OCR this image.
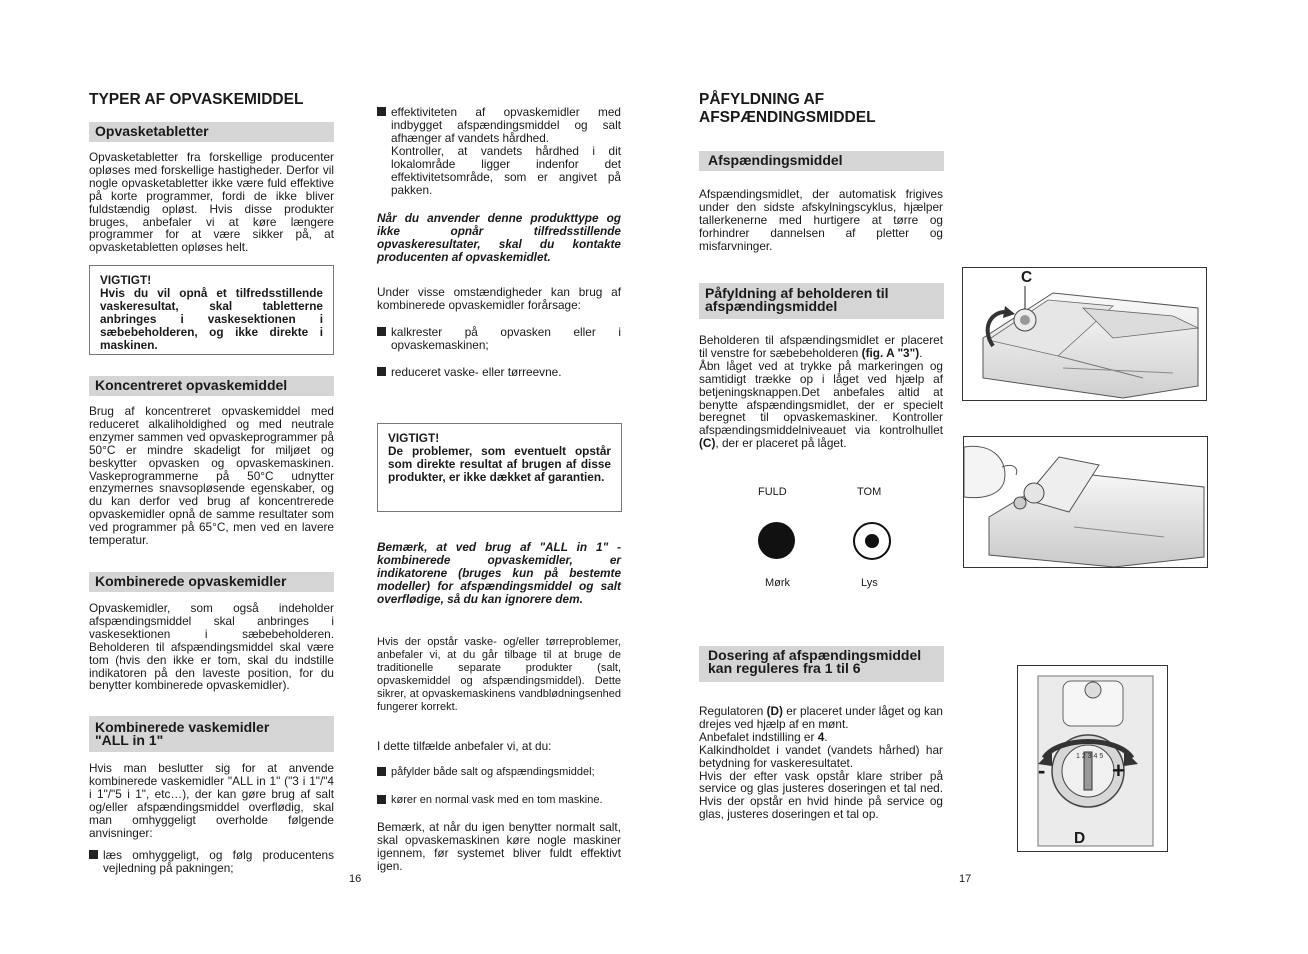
TYPER AF OPVASKEMIDDEL
Opvasketabletter
Opvasketabletter fra forskellige producenter opløses med forskellige hastigheder. Derfor vil nogle opvasketabletter ikke være fuld effektive på korte programmer, fordi de ikke bliver fuldstændig opløst. Hvis disse produkter bruges, anbefaler vi at køre længere programmer for at være sikker på, at opvasketabletten opløses helt.
VIGTIGT!
Hvis du vil opnå et tilfredsstillende vaskeresultat, skal tabletterne anbringes i vaskesektionen i sæbebeholderen, og ikke direkte i maskinen.
Koncentreret opvaskemiddel
Brug af koncentreret opvaskemiddel med reduceret alkaliholdighed og med neutrale enzymer sammen ved opvaskeprogrammer på 50°C er mindre skadeligt for miljøet og beskytter opvasken og opvaskemaskinen. Vaskeprogrammerne på 50°C udnytter enzymernes snavsopløsende egenskaber, og du kan derfor ved brug af koncentrerede opvaskemidler opnå de samme resultater som ved programmer på 65°C, men ved en lavere temperatur.
Kombinerede opvaskemidler
Opvaskemidler, som også indeholder afspændingsmiddel skal anbringes i vaskesektionen i sæbebeholderen. Beholderen til afspændingsmiddel skal være tom (hvis den ikke er tom, skal du indstille indikatoren på den laveste position, for du benytter kombinerede opvaskemidler).
Kombinerede vaskemidler
"ALL in 1"
Hvis man beslutter sig for at anvende kombinerede vaskemidler "ALL in 1" ("3 i 1"/"4 i 1"/"5 i 1", etc…), der kan gøre brug af salt og/eller afspændingsmiddel overflødig, skal man omhyggeligt overholde følgende anvisninger:
læs omhyggeligt, og følg producentens vejledning på pakningen;
16
effektiviteten af opvaskemidler med indbygget afspændingsmiddel og salt afhænger af vandets hårdhed.
Kontroller, at vandets hårdhed i dit lokalområde ligger indenfor det effektivitetsområde, som er angivet på pakken.
Når du anvender denne produkttype og ikke opnår tilfredsstillende opvaskeresultater, skal du kontakte producenten af opvaskemidlet.
Under visse omstændigheder kan brug af kombinerede opvaskemidler forårsage:
kalkrester på opvasken eller i opvaskemaskinen;
reduceret vaske- eller tørreevne.
VIGTIGT!
De problemer, som eventuelt opstår som direkte resultat af brugen af disse produkter, er ikke dækket af garantien.
Bemærk, at ved brug af "ALL in 1" - kombinerede opvaskemidler, er indikatorene (bruges kun på bestemte modeller) for afspændingsmiddel og salt overflødige, så du kan ignorere dem.
Hvis der opstår vaske- og/eller tørreproblemer, anbefaler vi, at du går tilbage til at bruge de traditionelle separate produkter (salt, opvaskemiddel og afspændingsmiddel). Dette sikrer, at opvaskemaskinens vandblødningsenhed fungerer korrekt.
I dette tilfælde anbefaler vi, at du:
påfylder både salt og afspændingsmiddel;
kører en normal vask med en tom maskine.
Bemærk, at når du igen benytter normalt salt, skal opvaskemaskinen køre nogle maskiner igennem, før systemet bliver fuldt effektivt igen.
PÅFYLDNING AF
AFSPÆNDINGSMIDDEL
Afspændingsmiddel
Afspændingsmidlet, der automatisk frigives under den sidste afskylningscyklus, hjælper tallerkenerne med hurtigere at tørre og forhindrer dannelsen af pletter og misfarvninger.
Påfyldning af beholderen til
afspændingsmiddel
Beholderen til afspændingsmidlet er placeret til venstre for sæbebeholderen (fig. A "3").
Åbn låget ved at trykke på markeringen og samtidigt trække op i låget ved hjælp af betjeningsknappen.Det anbefales altid at benytte afspændingsmidlet, der er specielt beregnet til opvaskemaskiner. Kontroller afspændingsmiddelniveauet via kontrolhullet (C), der er placeret på låget.
FULD	TOM
Mørk	Lys
Dosering af afspændingsmiddel
kan reguleres fra 1 til 6
Regulatoren (D) er placeret under låget og kan drejes ved hjælp af en mønt.
Anbefalet indstilling er 4.
Kalkindholdet i vandet (vandets hårhed) har betydning for vaskeresultatet.
Hvis der efter vask opstår klare striber på service og glas justeres doseringen et tal ned. Hvis der opstår en hvid hinde på service og glas, justeres doseringen et tal op.
17
C
1 2 3 4 5
-	+
D
